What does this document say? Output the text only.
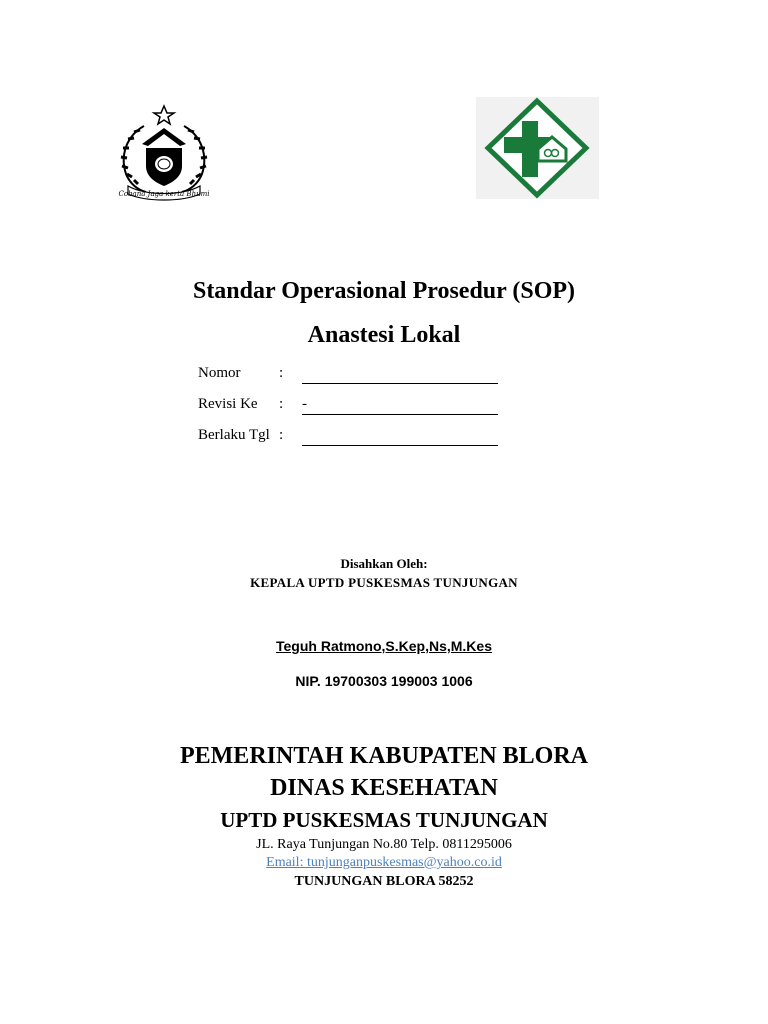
Cobana Jaga kerta Bhumi
Standar Operasional Prosedur (SOP)
Anastesi Lokal
Nomor	:
Revisi Ke : -
Berlaku Tgl :
Disahkan Oleh:
KEPALA UPTD PUSKESMAS TUNJUNGAN
Teguh Ratmono,S.Kep,Ns,M.Kes
NIP. 19700303 199003 1006
PEMERINTAH KABUPATEN BLORA
DINAS KESEHATAN
UPTD PUSKESMAS TUNJUNGAN
JL. Raya Tunjungan No.80 Telp. 0811295006
Email: tunjunganpuskesmas@yahoo.co.id
TUNJUNGAN BLORA 58252
